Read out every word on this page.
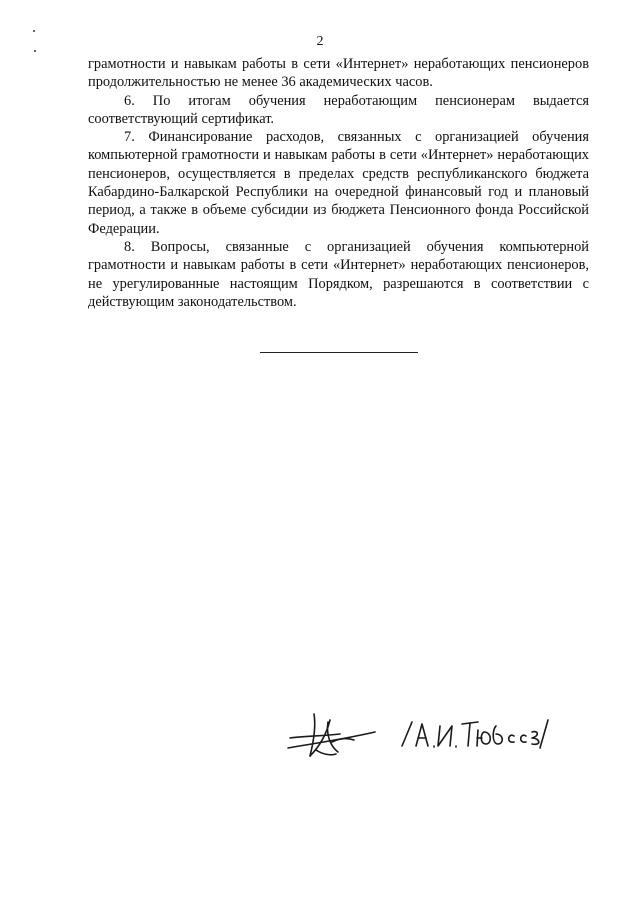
2

грамотности и навыкам работы в сети «Интернет» неработающих пенсионеров продолжительностью не менее 36 академических часов.

6. По итогам обучения неработающим пенсионерам выдается соответствующий сертификат.

7. Финансирование расходов, связанных с организацией обучения компьютерной грамотности и навыкам работы в сети «Интернет» неработающих пенсионеров, осуществляется в пределах средств республиканского бюджета Кабардино-Балкарской Республики на очередной финансовый год и плановый период, а также в объеме субсидии из бюджета Пенсионного фонда Российской Федерации.

8. Вопросы, связанные с организацией обучения компьютерной грамотности и навыкам работы в сети «Интернет» неработающих пенсионеров, не урегулированные настоящим Порядком, разрешаются в соответствии с действующим законодательством.
